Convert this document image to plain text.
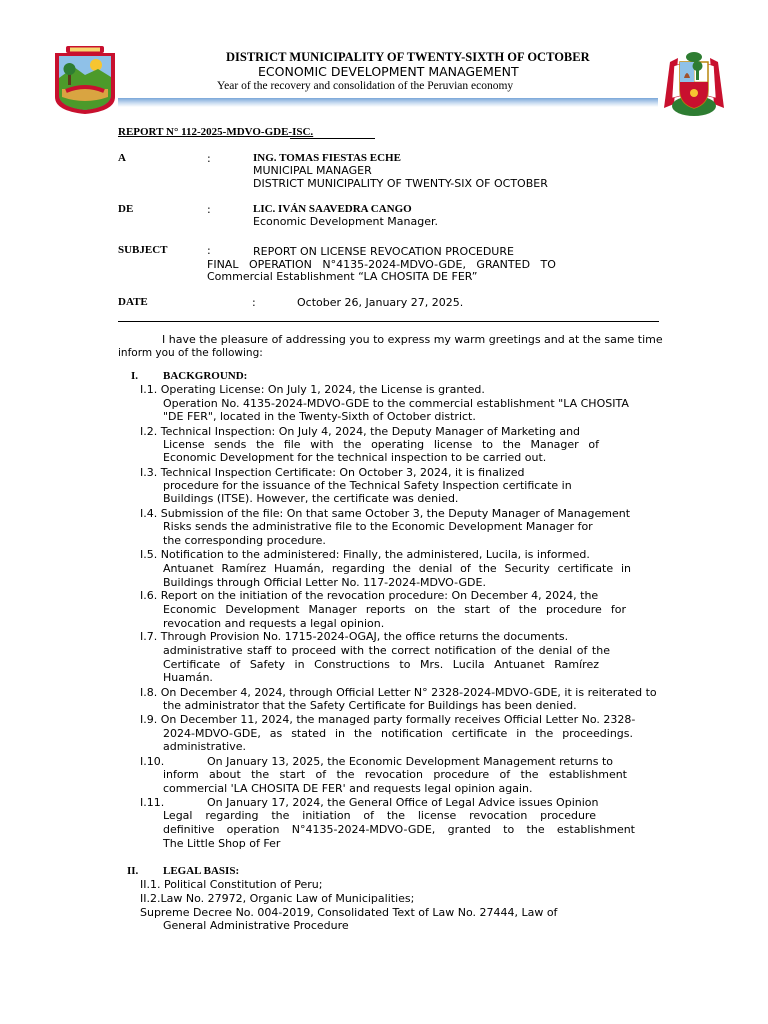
DISTRICT MUNICIPALITY OF TWENTY-SIXTH OF OCTOBER
ECONOMIC DEVELOPMENT MANAGEMENT
Year of the recovery and consolidation of the Peruvian economy
REPORT N° 112-2025-MDVO-GDE-ISC.
A	:	ING. TOMAS FIESTAS ECHE
MUNICIPAL MANAGER
DISTRICT MUNICIPALITY OF TWENTY-SIX OF OCTOBER
DE	:	LIC. IVÁN SAAVEDRA CANGO
Economic Development Manager.
SUBJECT	:	REPORT ON LICENSE REVOCATION PROCEDURE
FINAL OPERATION N°4135-2024-MDVO-GDE, GRANTED TO
Commercial Establishment “LA CHOSITA DE FER”
DATE	:	October 26, January 27, 2025.
I have the pleasure of addressing you to express my warm greetings and at the same time
inform you of the following:
I. BACKGROUND:

I.1. Operating License: On July 1, 2024, the License is granted.

Operation No. 4135-2024-MDVO-GDE to the commercial establishment "LA CHOSITA

"DE FER", located in the Twenty-Sixth of October district.

I.2. Technical Inspection: On July 4, 2024, the Deputy Manager of Marketing and

License sends the file with the operating license to the Manager of

Economic Development for the technical inspection to be carried out.

I.3. Technical Inspection Certificate: On October 3, 2024, it is finalized

procedure for the issuance of the Technical Safety Inspection certificate in

Buildings (ITSE). However, the certificate was denied.

I.4. Submission of the file: On that same October 3, the Deputy Manager of Management

Risks sends the administrative file to the Economic Development Manager for

the corresponding procedure.

I.5. Notification to the administered: Finally, the administered, Lucila, is informed.

Antuanet Ramírez Huamán, regarding the denial of the Security certificate in

Buildings through Official Letter No. 117-2024-MDVO-GDE.

I.6. Report on the initiation of the revocation procedure: On December 4, 2024, the

Economic Development Manager reports on the start of the procedure for

revocation and requests a legal opinion.

I.7. Through Provision No. 1715-2024-OGAJ, the office returns the documents.

administrative staff to proceed with the correct notification of the denial of the

Certificate of Safety in Constructions to Mrs. Lucila Antuanet Ramírez

Huamán.

I.8. On December 4, 2024, through Official Letter N° 2328-2024-MDVO-GDE, it is reiterated to

the administrator that the Safety Certificate for Buildings has been denied.

I.9. On December 11, 2024, the managed party formally receives Official Letter No. 2328-

2024-MDVO-GDE, as stated in the notification certificate in the proceedings.

administrative.

I.10.	On January 13, 2025, the Economic Development Management returns to

inform about the start of the revocation procedure of the establishment

commercial 'LA CHOSITA DE FER' and requests legal opinion again.

I.11.	On January 17, 2024, the General Office of Legal Advice issues Opinion

Legal regarding the initiation of the license revocation procedure

definitive operation N°4135-2024-MDVO-GDE, granted to the establishment

The Little Shop of Fer

II. LEGAL BASIS:

II.1. Political Constitution of Peru;

II.2.Law No. 27972, Organic Law of Municipalities;

Supreme Decree No. 004-2019, Consolidated Text of Law No. 27444, Law of

General Administrative Procedure
